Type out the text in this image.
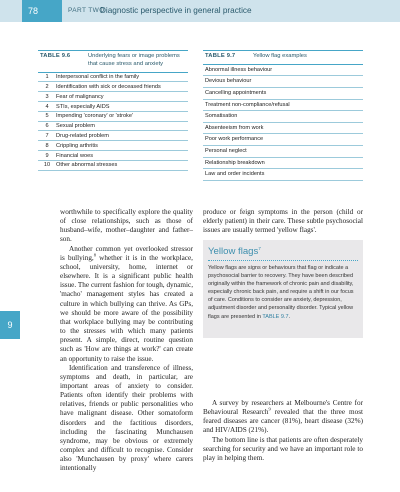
78	PART TWO
Diagnostic perspective in general practice
TABLE 9.6	Underlying fears or image problems that cause stress and anxiety
1	Interpersonal conflict in the family
2	Identification with sick or deceased friends
3	Fear of malignancy
4	STIs, especially AIDS
5	Impending 'coronary' or 'stroke'
6	Sexual problem
7	Drug-related problem
8	Crippling arthritis
9	Financial woes
10	Other abnormal stresses
TABLE 9.7	Yellow flag examples
Abnormal illness behaviour
Devious behaviour
Cancelling appointments
Treatment non-compliance/refusal
Somatisation
Absenteeism from work
Poor work performance
Personal neglect
Relationship breakdown
Law and order incidents

worthwhile to specifically explore the quality of close relationships, such as those of husband–wife, mother–daughter and father–son.

Another common yet overlooked stressor is bullying,$^8$ whether it is in the workplace, school, university, home, internet or elsewhere. It is a significant public health issue. The current fashion for tough, dynamic, 'macho' management styles has created a culture in which bullying can thrive. As GPs, we should be more aware of the possibility that workplace bullying may be contributing to the stresses with which many patients present. A simple, direct, routine question such as 'How are things at work?' can create an opportunity to raise the issue.

Identification and transference of illness, symptoms and death, in particular, are important areas of anxiety to consider. Patients often identify their problems with relatives, friends or public personalities who have malignant disease. Other somatoform disorders and the factitious disorders, including the fascinating Munchausen syndrome, may be obvious or extremely complex and difficult to recognise. Consider also 'Munchausen by proxy' where carers intentionally

9

produce or feign symptoms in the person (child or elderly patient) in their care. These subtle psychosocial issues are usually termed 'yellow flags'.

Yellow flags$^7$
Yellow flags are signs or behaviours that flag or indicate a psychosocial barrier to recovery. They have been described originally within the framework of chronic pain and disability, especially chronic back pain, and require a shift in our focus of care. Conditions to consider are anxiety, depression, adjustment disorder and personality disorder. Typical yellow flags are presented in TABLE 9.7.

A survey by researchers at Melbourne's Centre for Behavioural Research$^9$ revealed that the three most feared diseases are cancer (81%), heart disease (32%) and HIV/AIDS (21%).

The bottom line is that patients are often desperately searching for security and we have an important role to play in helping them.
